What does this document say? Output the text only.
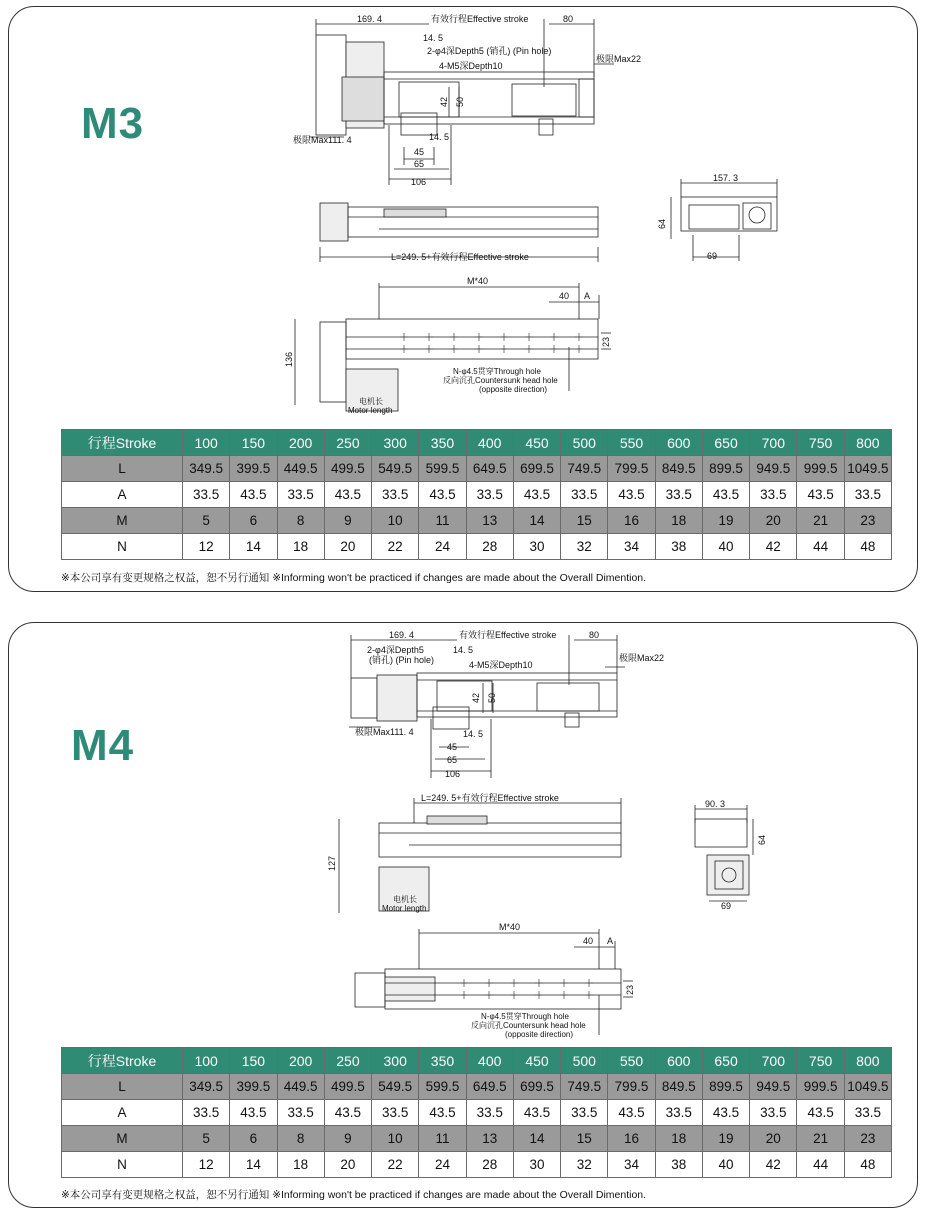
M3
169. 4	有效行程Effective stroke	80
14. 5
2-φ4深Depth5 (销孔) (Pin hole)
4-M5深Depth10
极限Max22
42 50
14. 5
45
65
106
极限Max111. 4
L=249. 5+有效行程Effective stroke
157. 3
64
69
M*40
40 A
23
136
N-φ4.5贯穿Through hole
反向沉孔Countersunk head hole
(opposite direction)
电机长
Motor length
行程Stroke	100	150	200	250	300	350	400	450	500	550	600	650	700	750	800
L	349.5	399.5	449.5	499.5	549.5	599.5	649.5	699.5	749.5	799.5	849.5	899.5	949.5	999.5	1049.5
A	33.5	43.5	33.5	43.5	33.5	43.5	33.5	43.5	33.5	43.5	33.5	43.5	33.5	43.5	33.5
M	5	6	8	9	10	11	13	14	15	16	18	19	20	21	23
N	12	14	18	20	22	24	28	30	32	34	38	40	42	44	48
※本公司享有变更规格之权益，恕不另行通知 ※Informing won't be practiced if changes are made about the Overall Dimention.
M4
169. 4	有效行程Effective stroke	80
2-φ4深Depth5
(销孔) (Pin hole)
14. 5
4-M5深Depth10
极限Max22
42 50
14. 5
45
65
106
极限Max111. 4
L=249. 5+有效行程Effective stroke
127
电机长
Motor length
90. 3
64
69
M*40
40 A
23
N-φ4.5贯穿Through hole
反向沉孔Countersunk head hole
(opposite direction)
行程Stroke	100	150	200	250	300	350	400	450	500	550	600	650	700	750	800
L	349.5	399.5	449.5	499.5	549.5	599.5	649.5	699.5	749.5	799.5	849.5	899.5	949.5	999.5	1049.5
A	33.5	43.5	33.5	43.5	33.5	43.5	33.5	43.5	33.5	43.5	33.5	43.5	33.5	43.5	33.5
M	5	6	8	9	10	11	13	14	15	16	18	19	20	21	23
N	12	14	18	20	22	24	28	30	32	34	38	40	42	44	48
※本公司享有变更规格之权益，恕不另行通知 ※Informing won't be practiced if changes are made about the Overall Dimention.
